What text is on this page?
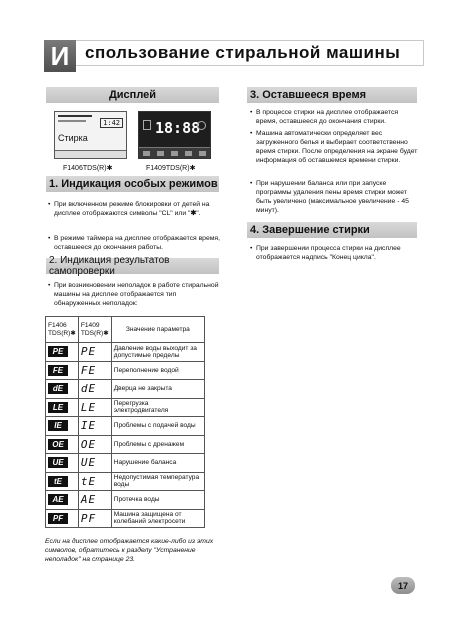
И спользование стиральной машины
Дисплей
1:42
Стирка
18:88
F1406TDS(R)✱	F1409TDS(R)✱
1. Индикация особых режимов
• При включенном режиме блокировки от детей на дисплее отображаются символы "CL" или "✱".
• В режиме таймера на дисплее отображается время, оставшееся до окончания работы.
2. Индикация результатов самопроверки
• При возникновении неполадок в работе стиральной машины на дисплее отображается тип обнаруженных неполадок:
F1406 TDS(R)✱	F1409 TDS(R)✱	Значение параметра
PE	PE	Давление воды выходит за допустимые пределы
FE	FE	Переполнение водой
dE	dE	Дверца не закрыта
LE	LE	Перегрузка электродвигателя
IE	IE	Проблемы с подачей воды
OE	OE	Проблемы с дренажем
UE	UE	Нарушение баланса
tE	tE	Недопустимая температура воды
AE	AE	Протечка воды
PF	PF	Машина защищена от колебаний электросети
Если на дисплее отображается какие-либо из этих символов, обратитесь к разделу "Устранение неполадок" на странице 23.
3. Оставшееся время
• В процессе стирки на дисплее отображается время, оставшееся до окончания стирки.
• Машина автоматически определяет вес загруженного белья и выбирает соответственно время стирки. После определения на экране будет информация об оставшемся времени стирки.
• При нарушении баланса или при запуске программы удаления пены время стирки может быть увеличено (максимальное увеличение - 45 минут).
4. Завершение стирки
• При завершении процесса стирки на дисплее отображается надпись "Конец цикла".
17
